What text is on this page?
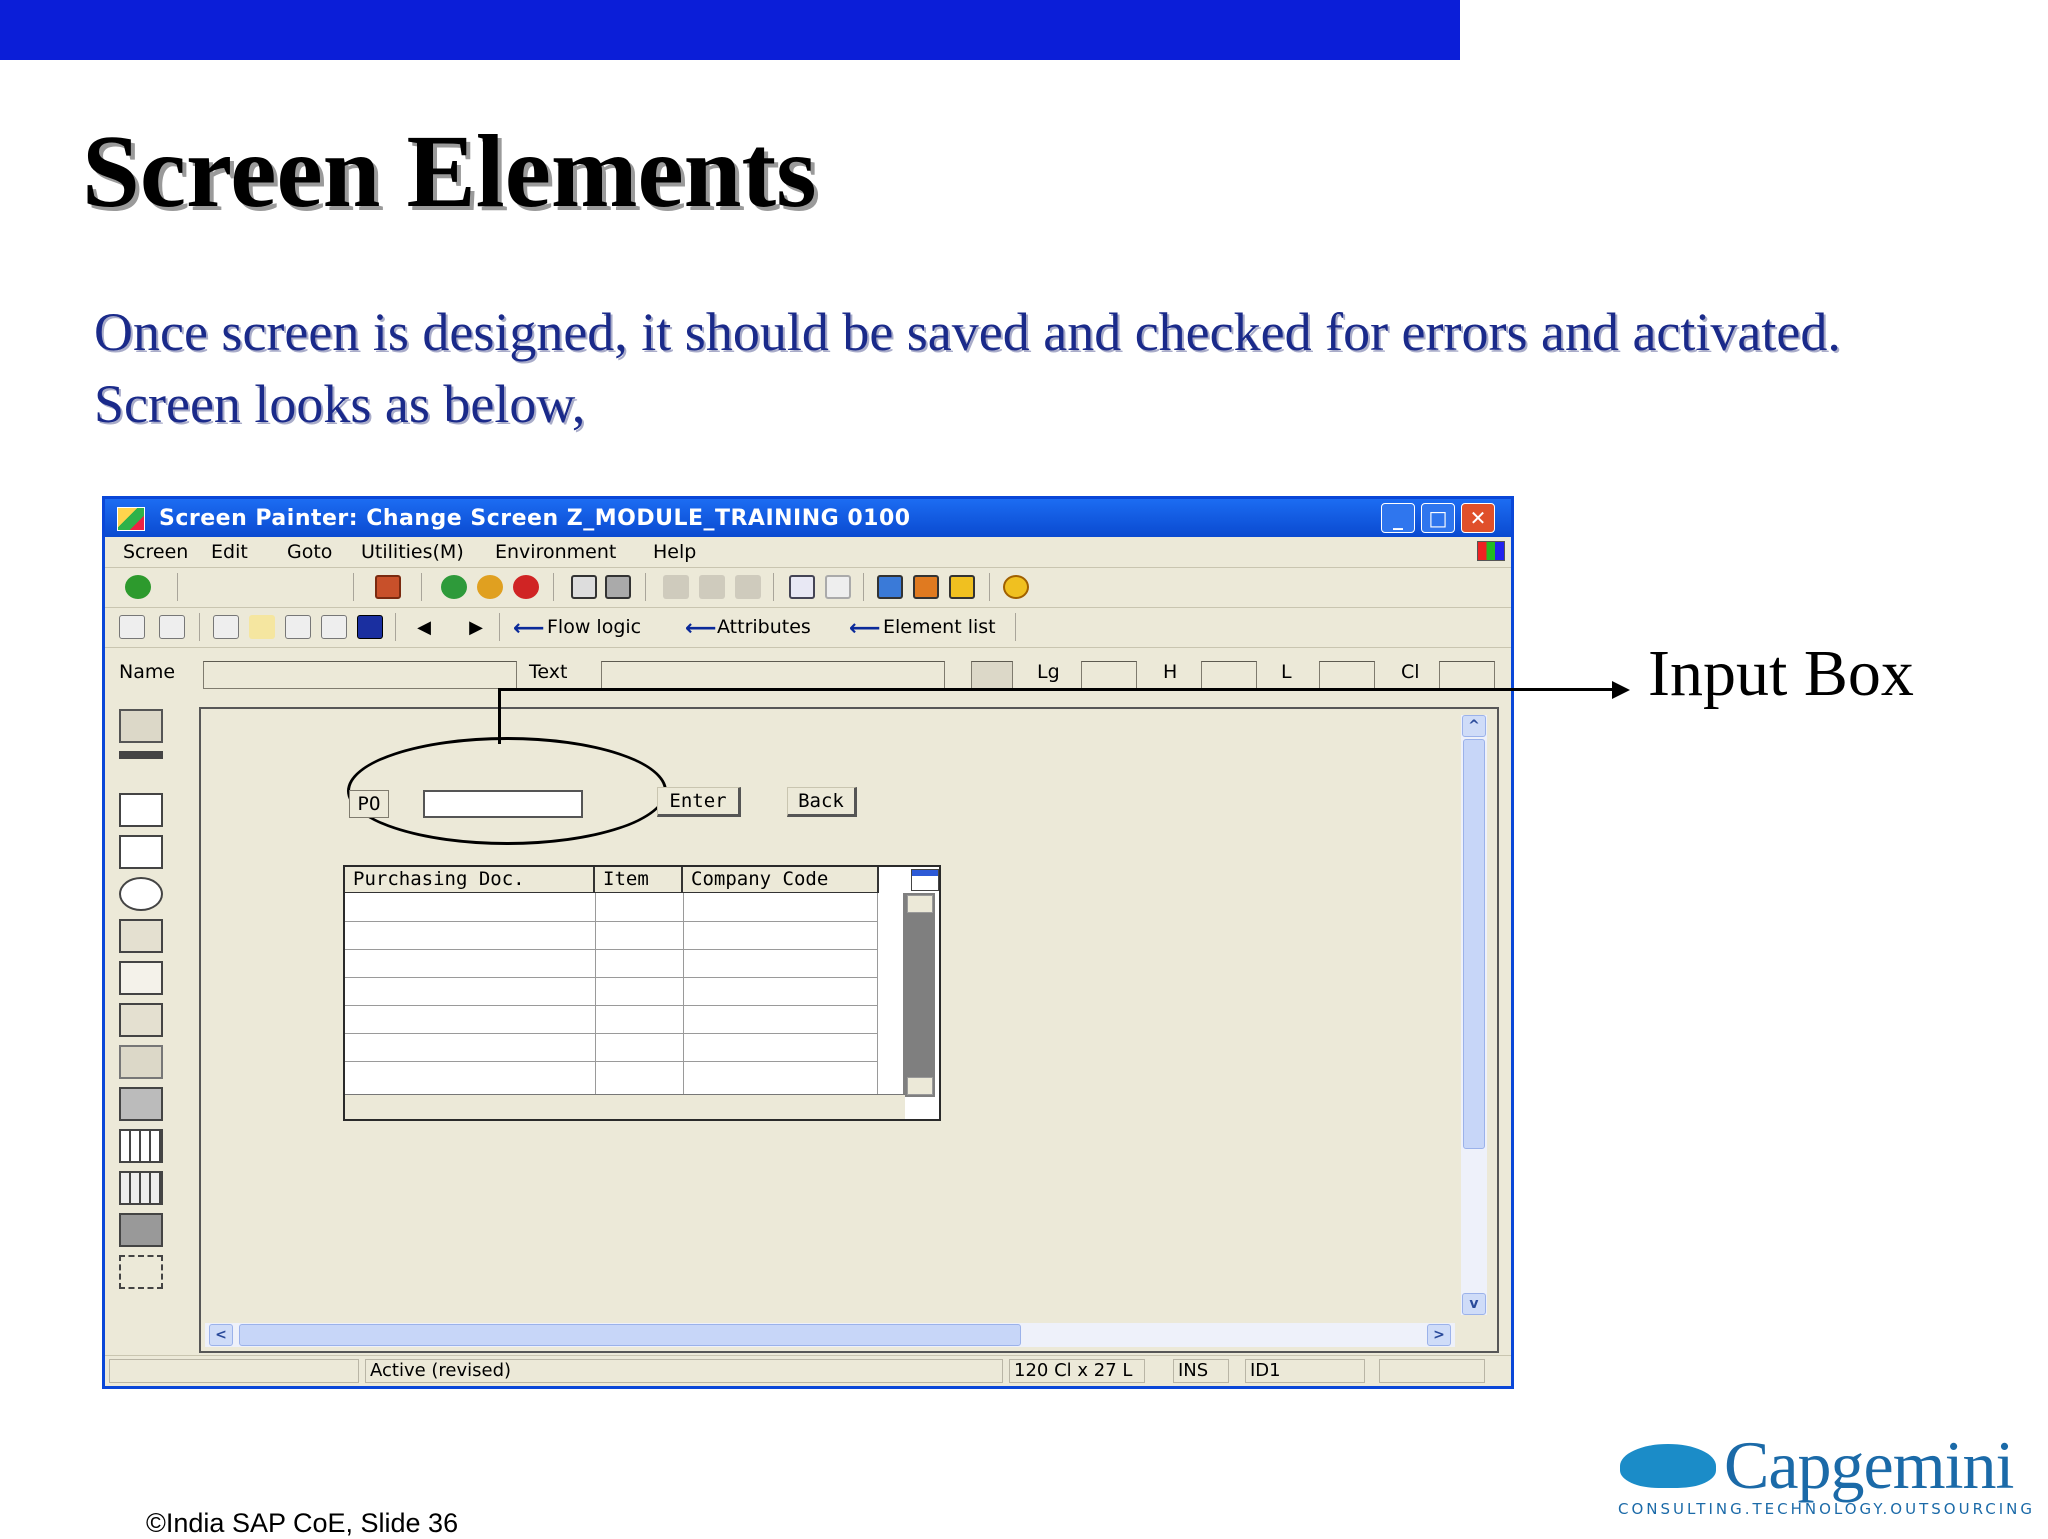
Screen Elements
Once screen is designed, it should be saved and checked for errors and activated.
Screen looks as below,
Screen Painter: Change Screen Z_MODULE_TRAINING 0100	_	□	✕
Screen Edit Goto Utilities(M) Environment Help
◀	▶ ⟵ Flow logic ⟵ Attributes ⟵ Element list
Name	Text	Lg	H	L	Cl
PO	Enter	Back
Purchasing Doc.	Item	Company Code
^
v
<	>
Active (revised)	120 Cl x 27 L	INS	ID1
Input Box
©India SAP CoE, Slide 36
Capgemini
CONSULTING.TECHNOLOGY.OUTSOURCING
